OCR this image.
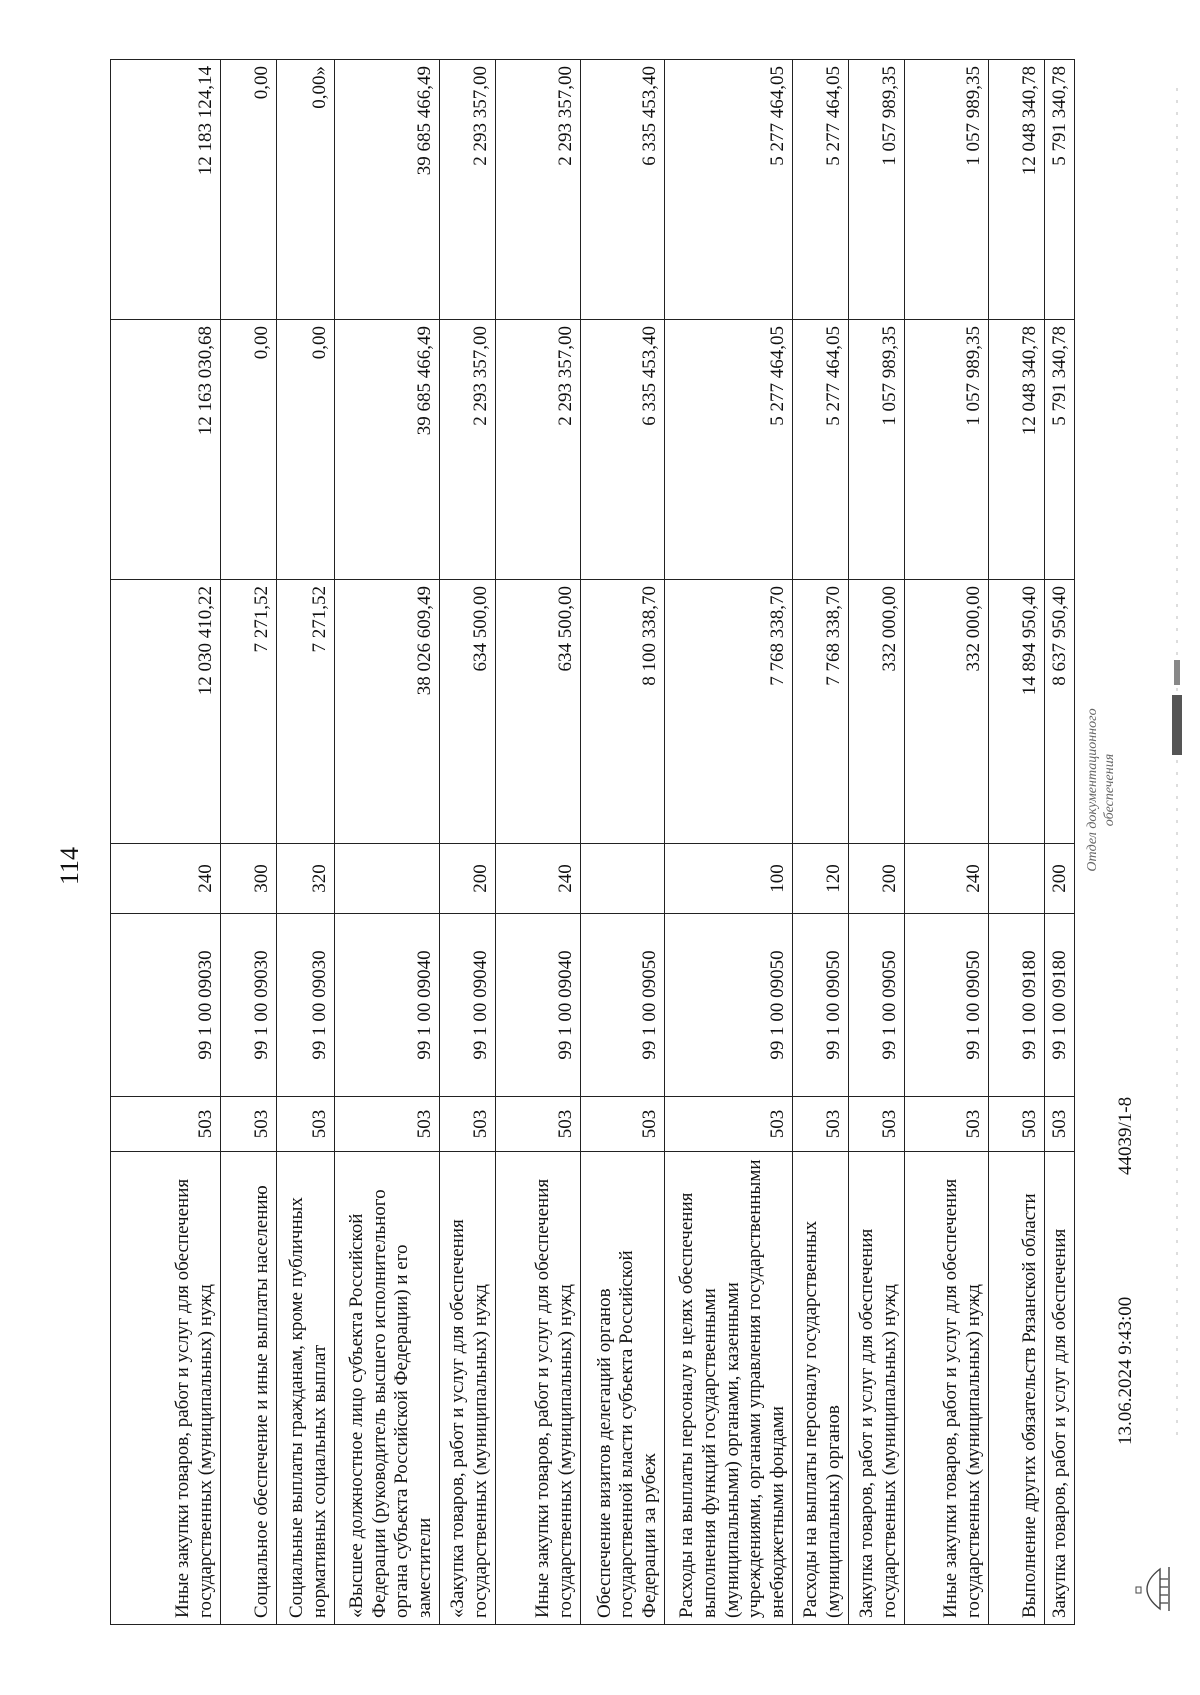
114
Иные закупки товаров, работ и услуг для обеспечения государственных (муниципальных) нужд	503	99 1 00 09030	240	12 030 410,22	12 163 030,68	12 183 124,14
Социальное обеспечение и иные выплаты населению	503	99 1 00 09030	300	7 271,52	0,00	0,00
Социальные выплаты гражданам, кроме публичных нормативных социальных выплат	503	99 1 00 09030	320	7 271,52	0,00	0,00»
«Высшее должностное лицо субъекта Российской Федерации (руководитель высшего исполнительного органа субъекта Российской Федерации) и его заместители	503	99 1 00 09040		38 026 609,49	39 685 466,49	39 685 466,49
«Закупка товаров, работ и услуг для обеспечения государственных (муниципальных) нужд	503	99 1 00 09040	200	634 500,00	2 293 357,00	2 293 357,00
Иные закупки товаров, работ и услуг для обеспечения государственных (муниципальных) нужд	503	99 1 00 09040	240	634 500,00	2 293 357,00	2 293 357,00
Обеспечение визитов делегаций органов государственной власти субъекта Российской Федерации за рубеж	503	99 1 00 09050		8 100 338,70	6 335 453,40	6 335 453,40
Расходы на выплаты персоналу в целях обеспечения выполнения функций государственными (муниципальными) органами, казенными учреждениями, органами управления государственными внебюджетными фондами	503	99 1 00 09050	100	7 768 338,70	5 277 464,05	5 277 464,05
Расходы на выплаты персоналу государственных (муниципальных) органов	503	99 1 00 09050	120	7 768 338,70	5 277 464,05	5 277 464,05
Закупка товаров, работ и услуг для обеспечения государственных (муниципальных) нужд	503	99 1 00 09050	200	332 000,00	1 057 989,35	1 057 989,35
Иные закупки товаров, работ и услуг для обеспечения государственных (муниципальных) нужд	503	99 1 00 09050	240	332 000,00	1 057 989,35	1 057 989,35
Выполнение других обязательств Рязанской области	503	99 1 00 09180		14 894 950,40	12 048 340,78	12 048 340,78
Закупка товаров, работ и услуг для обеспечения	503	99 1 00 09180	200	8 637 950,40	5 791 340,78	5 791 340,78
13.06.2024 9:43:00
44039/1-8
Отдел документационного обеспечения
